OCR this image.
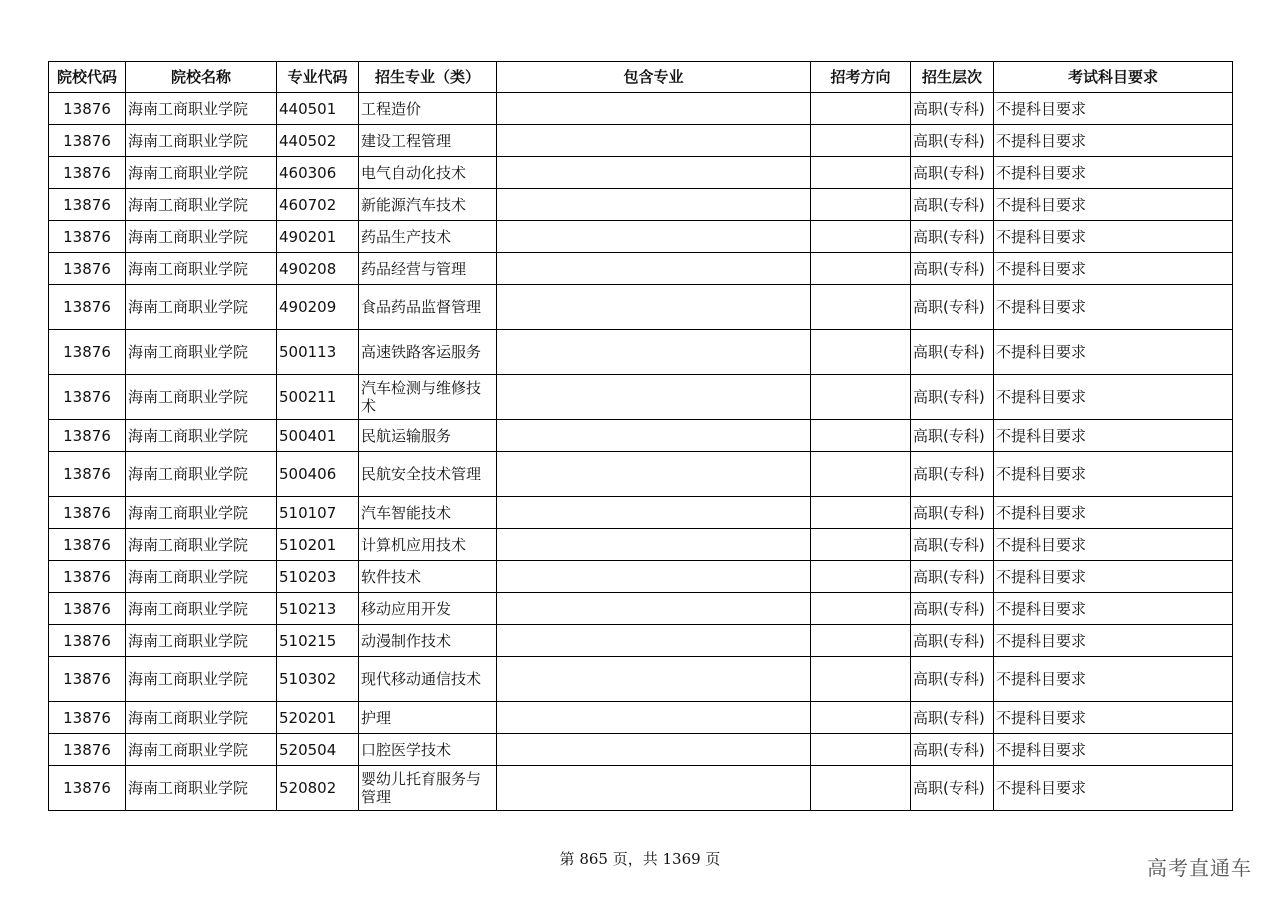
院校代码	院校名称	专业代码	招生专业（类）	包含专业	招考方向	招生层次	考试科目要求
13876	海南工商职业学院	440501	工程造价			高职(专科)	不提科目要求
13876	海南工商职业学院	440502	建设工程管理			高职(专科)	不提科目要求
13876	海南工商职业学院	460306	电气自动化技术			高职(专科)	不提科目要求
13876	海南工商职业学院	460702	新能源汽车技术			高职(专科)	不提科目要求
13876	海南工商职业学院	490201	药品生产技术			高职(专科)	不提科目要求
13876	海南工商职业学院	490208	药品经营与管理			高职(专科)	不提科目要求
13876	海南工商职业学院	490209	食品药品监督管理			高职(专科)	不提科目要求
13876	海南工商职业学院	500113	高速铁路客运服务			高职(专科)	不提科目要求
13876	海南工商职业学院	500211	汽车检测与维修技术			高职(专科)	不提科目要求
13876	海南工商职业学院	500401	民航运输服务			高职(专科)	不提科目要求
13876	海南工商职业学院	500406	民航安全技术管理			高职(专科)	不提科目要求
13876	海南工商职业学院	510107	汽车智能技术			高职(专科)	不提科目要求
13876	海南工商职业学院	510201	计算机应用技术			高职(专科)	不提科目要求
13876	海南工商职业学院	510203	软件技术			高职(专科)	不提科目要求
13876	海南工商职业学院	510213	移动应用开发			高职(专科)	不提科目要求
13876	海南工商职业学院	510215	动漫制作技术			高职(专科)	不提科目要求
13876	海南工商职业学院	510302	现代移动通信技术			高职(专科)	不提科目要求
13876	海南工商职业学院	520201	护理			高职(专科)	不提科目要求
13876	海南工商职业学院	520504	口腔医学技术			高职(专科)	不提科目要求
13876	海南工商职业学院	520802	婴幼儿托育服务与管理			高职(专科)	不提科目要求
第 865 页，共 1369 页	高考直通车
